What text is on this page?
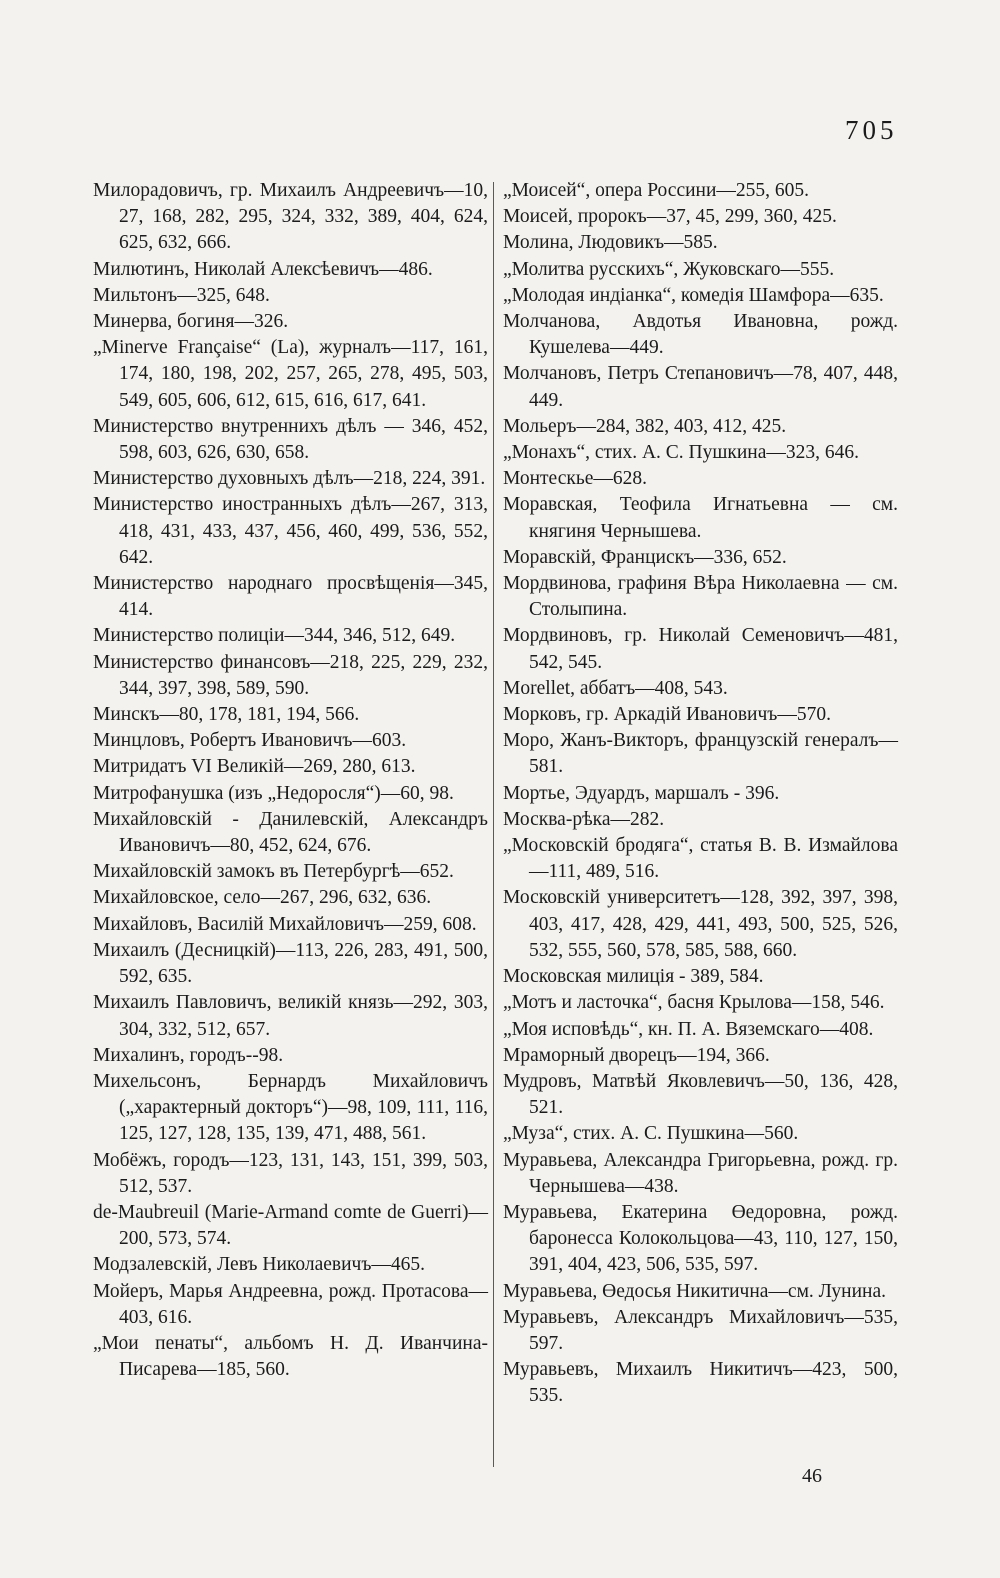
705

Милорадовичъ, гр. Михаилъ Андреевичъ—10, 27, 168, 282, 295, 324, 332, 389, 404, 624, 625, 632, 666.

Милютинъ, Николай Алексѣевичъ—486.

Мильтонъ—325, 648.

Минерва, богиня—326.

„Minerve Française“ (La), журналъ—117, 161, 174, 180, 198, 202, 257, 265, 278, 495, 503, 549, 605, 606, 612, 615, 616, 617, 641.

Министерство внутреннихъ дѣлъ — 346, 452, 598, 603, 626, 630, 658.

Министерство духовныхъ дѣлъ—218, 224, 391.

Министерство иностранныхъ дѣлъ—267, 313, 418, 431, 433, 437, 456, 460, 499, 536, 552, 642.

Министерство народнаго просвѣщенія—345, 414.

Министерство полиціи—344, 346, 512, 649.

Министерство финансовъ—218, 225, 229, 232, 344, 397, 398, 589, 590.

Минскъ—80, 178, 181, 194, 566.

Минцловъ, Робертъ Ивановичъ—603.

Митридатъ VI Великій—269, 280, 613.

Митрофанушка (изъ „Недоросля“)—60, 98.

Михайловскій - Данилевскій, Александръ Ивановичъ—80, 452, 624, 676.

Михайловскій замокъ въ Петербургѣ—652.

Михайловское, село—267, 296, 632, 636.

Михайловъ, Василій Михайловичъ—259, 608.

Михаилъ (Десницкій)—113, 226, 283, 491, 500, 592, 635.

Михаилъ Павловичъ, великій князь—292, 303, 304, 332, 512, 657.

Михалинъ, городъ--98.

Михельсонъ, Бернардъ Михайловичъ („характерный докторъ“)—98, 109, 111, 116, 125, 127, 128, 135, 139, 471, 488, 561.

Мобёжъ, городъ—123, 131, 143, 151, 399, 503, 512, 537.

de-Maubreuil (Marie-Armand comte de Guerri)—200, 573, 574.

Модзалевскій, Левъ Николаевичъ—465.

Мойеръ, Марья Андреевна, рожд. Протасова—403, 616.

„Мои пенаты“, альбомъ Н. Д. Иванчина-Писарева—185, 560.

„Моисей“, опера Россини—255, 605.

Моисей, пророкъ—37, 45, 299, 360, 425.

Молина, Людовикъ—585.

„Молитва русскихъ“, Жуковскаго—555.

„Молодая индіанка“, комедія Шамфора—635.

Молчанова, Авдотья Ивановна, рожд. Кушелева—449.

Молчановъ, Петръ Степановичъ—78, 407, 448, 449.

Мольеръ—284, 382, 403, 412, 425.

„Монахъ“, стих. А. С. Пушкина—323, 646.

Монтескье—628.

Моравская, Теофила Игнатьевна — см. княгиня Чернышева.

Моравскій, Францискъ—336, 652.

Мордвинова, графиня Вѣра Николаевна — см. Столыпина.

Мордвиновъ, гр. Николай Семеновичъ—481, 542, 545.

Morellet, аббатъ—408, 543.

Морковъ, гр. Аркадій Ивановичъ—570.

Моро, Жанъ-Викторъ, французскій генералъ—581.

Мортье, Эдуардъ, маршалъ - 396.

Москва-рѣка—282.

„Московскій бродяга“, статья В. В. Измайлова—111, 489, 516.

Московскій университетъ—128, 392, 397, 398, 403, 417, 428, 429, 441, 493, 500, 525, 526, 532, 555, 560, 578, 585, 588, 660.

Московская милиція - 389, 584.

„Мотъ и ласточка“, басня Крылова—158, 546.

„Моя исповѣдь“, кн. П. А. Вяземскаго—408.

Мраморный дворецъ—194, 366.

Мудровъ, Матвѣй Яковлевичъ—50, 136, 428, 521.

„Муза“, стих. А. С. Пушкина—560.

Муравьева, Александра Григорьевна, рожд. гр. Чернышева—438.

Муравьева, Екатерина Өедоровна, рожд. баронесса Колокольцова—43, 110, 127, 150, 391, 404, 423, 506, 535, 597.

Муравьева, Өедосья Никитична—см. Лунина.

Муравьевъ, Александръ Михайловичъ—535, 597.

Муравьевъ, Михаилъ Никитичъ—423, 500, 535.

46
